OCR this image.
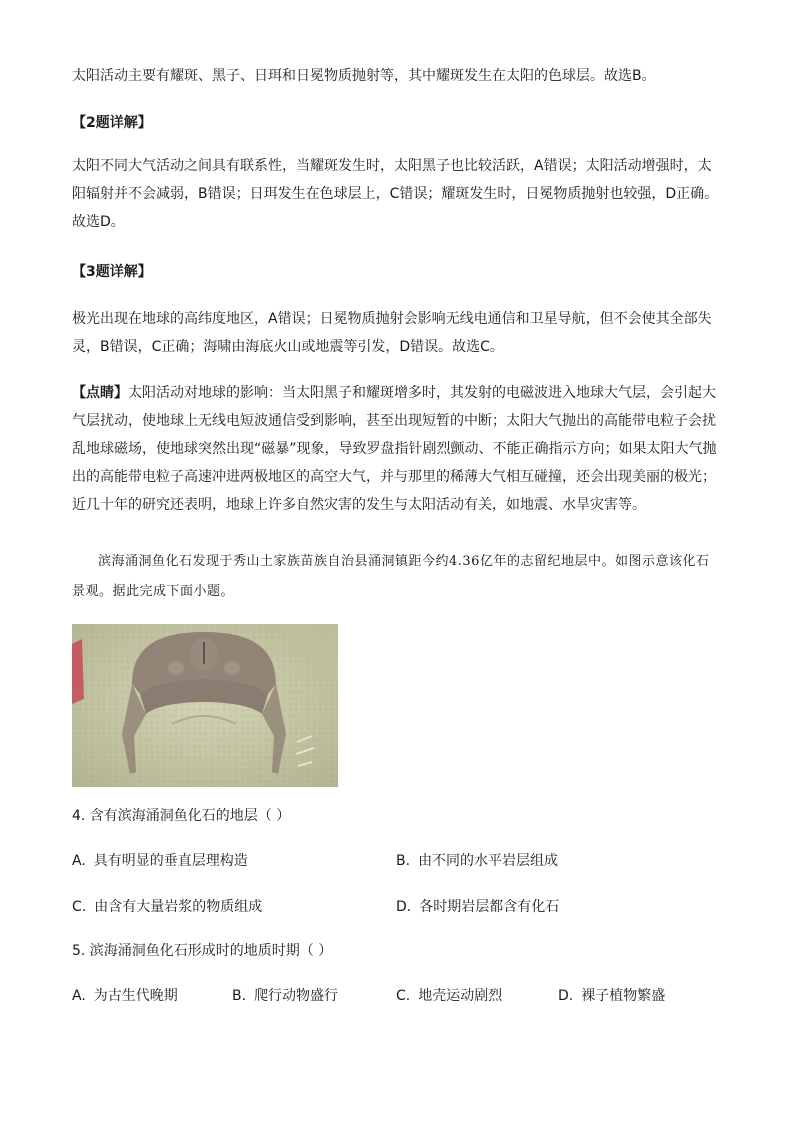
太阳活动主要有耀斑、黑子、日珥和日冕物质抛射等，其中耀斑发生在太阳的色球层。故选B。

【2题详解】

太阳不同大气活动之间具有联系性，当耀斑发生时，太阳黑子也比较活跃，A错误；太阳活动增强时，太阳辐射并不会减弱，B错误；日珥发生在色球层上，C错误；耀斑发生时，日冕物质抛射也较强，D正确。故选D。

【3题详解】

极光出现在地球的高纬度地区，A错误；日冕物质抛射会影响无线电通信和卫星导航，但不会使其全部失灵，B错误，C正确；海啸由海底火山或地震等引发，D错误。故选C。

【点睛】太阳活动对地球的影响：当太阳黑子和耀斑增多时，其发射的电磁波进入地球大气层，会引起大气层扰动，使地球上无线电短波通信受到影响，甚至出现短暂的中断；太阳大气抛出的高能带电粒子会扰乱地球磁场，使地球突然出现“磁暴”现象，导致罗盘指针剧烈颤动、不能正确指示方向；如果太阳大气抛出的高能带电粒子高速冲进两极地区的高空大气，并与那里的稀薄大气相互碰撞，还会出现美丽的极光；近几十年的研究还表明，地球上许多自然灾害的发生与太阳活动有关，如地震、水旱灾害等。

滨海涌洞鱼化石发现于秀山土家族苗族自治县涌洞镇距今约4.36亿年的志留纪地层中。如图示意该化石景观。据此完成下面小题。

4. 含有滨海涌洞鱼化石的地层（ ）

A. 具有明显的垂直层理构造	B. 由不同的水平岩层组成

C. 由含有大量岩浆的物质组成	D. 各时期岩层都含有化石

5. 滨海涌洞鱼化石形成时的地质时期（ ）

A. 为古生代晚期	B. 爬行动物盛行	C. 地壳运动剧烈	D. 裸子植物繁盛
